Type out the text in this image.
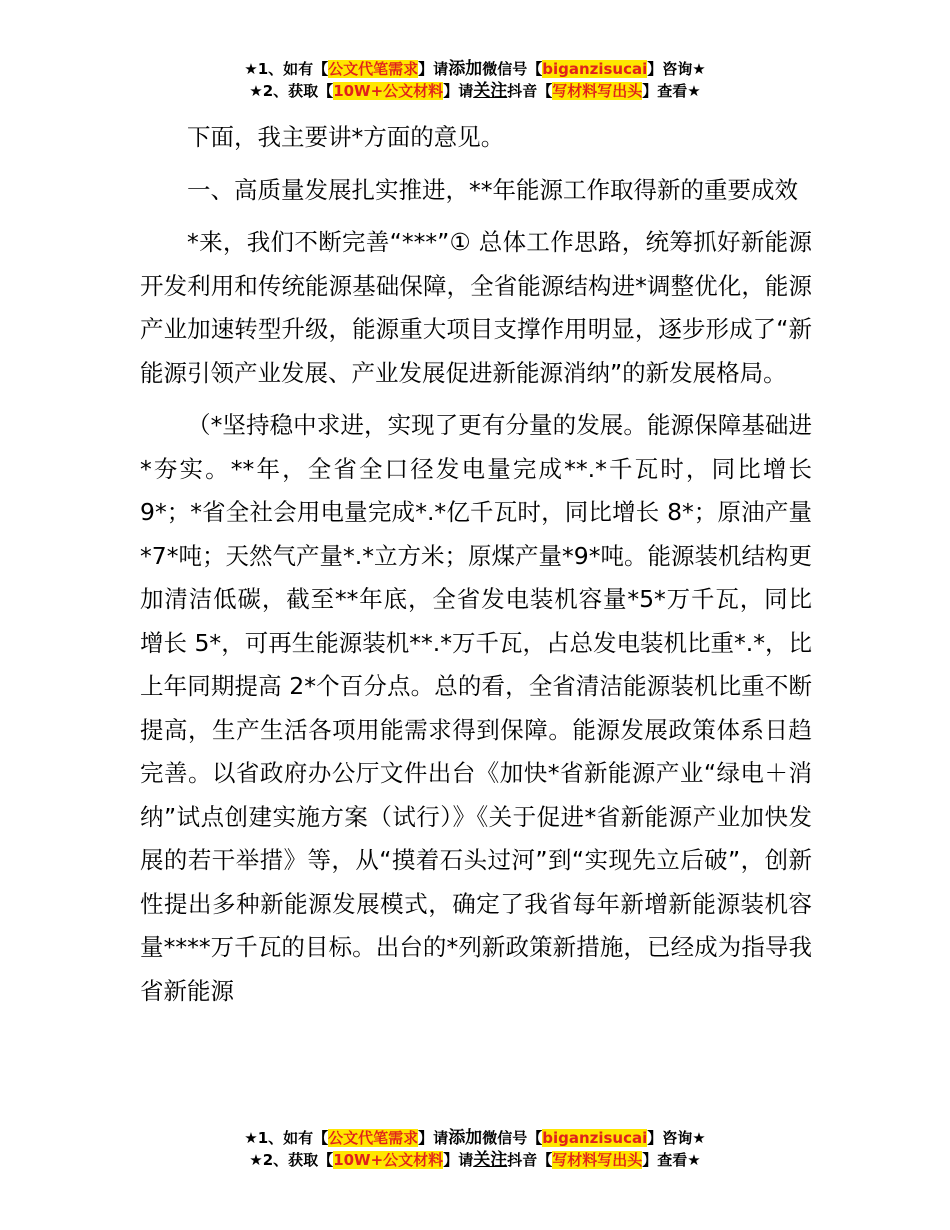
★1、如有【公文代笔需求】请添加微信号【biganzisucai】咨询★
★2、获取【10W+公文材料】请关注抖音【写材料写出头】查看★

下面，我主要讲*方面的意见。

一、高质量发展扎实推进，**年能源工作取得新的重要成效

*来，我们不断完善“***”① 总体工作思路，统筹抓好新能源开发利用和传统能源基础保障，全省能源结构进*调整优化，能源产业加速转型升级，能源重大项目支撑作用明显，逐步形成了“新能源引领产业发展、产业发展促进新能源消纳”的新发展格局。

（*坚持稳中求进，实现了更有分量的发展。能源保障基础进*夯实。**年，全省全口径发电量完成**.*千瓦时，同比增长 9*；*省全社会用电量完成*.*亿千瓦时，同比增长 8*；原油产量*7*吨；天然气产量*.*立方米；原煤产量*9*吨。能源装机结构更加清洁低碳，截至**年底，全省发电装机容量*5*万千瓦，同比增长 5*，可再生能源装机**.*万千瓦，占总发电装机比重*.*，比上年同期提高 2*个百分点。总的看，全省清洁能源装机比重不断提高，生产生活各项用能需求得到保障。能源发展政策体系日趋完善。以省政府办公厅文件出台《加快*省新能源产业“绿电＋消纳”试点创建实施方案（试行）》《关于促进*省新能源产业加快发展的若干举措》等，从“摸着石头过河”到“实现先立后破”，创新性提出多种新能源发展模式，确定了我省每年新增新能源装机容量****万千瓦的目标。出台的*列新政策新措施，已经成为指导我省新能源

★1、如有【公文代笔需求】请添加微信号【biganzisucai】咨询★
★2、获取【10W+公文材料】请关注抖音【写材料写出头】查看★
